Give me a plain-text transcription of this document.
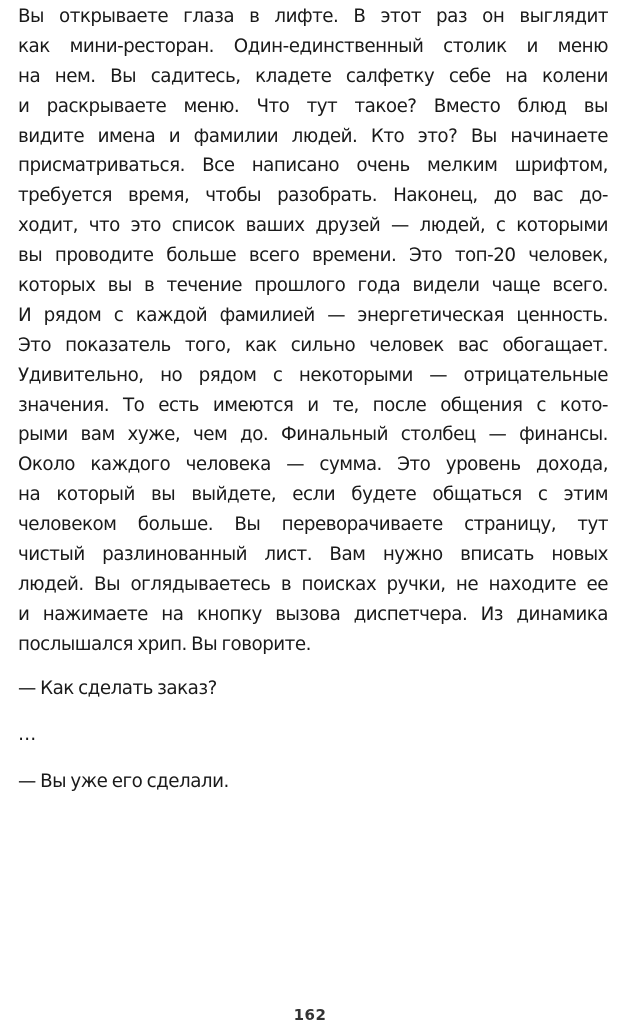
Вы открываете глаза в лифте. В этот раз он выглядит
как мини-ресторан. Один-единственный столик и меню
на нем. Вы садитесь, кладете салфетку себе на колени
и раскрываете меню. Что тут такое? Вместо блюд вы
видите имена и фамилии людей. Кто это? Вы начинаете
присматриваться. Все написано очень мелким шрифтом,
требуется время, чтобы разобрать. Наконец, до вас до-
ходит, что это список ваших друзей — людей, с которыми
вы проводите больше всего времени. Это топ-20 человек,
которых вы в течение прошлого года видели чаще всего.
И рядом с каждой фамилией — энергетическая ценность.
Это показатель того, как сильно человек вас обогащает.
Удивительно, но рядом с некоторыми — отрицательные
значения. То есть имеются и те, после общения с кото-
рыми вам хуже, чем до. Финальный столбец — финансы.
Около каждого человека — сумма. Это уровень дохода,
на который вы выйдете, если будете общаться с этим
человеком больше. Вы переворачиваете страницу, тут
чистый разлинованный лист. Вам нужно вписать новых
людей. Вы оглядываетесь в поисках ручки, не находите ее
и нажимаете на кнопку вызова диспетчера. Из динамика
послышался хрип. Вы говорите.
— Как сделать заказ?
…
— Вы уже его сделали.
162
